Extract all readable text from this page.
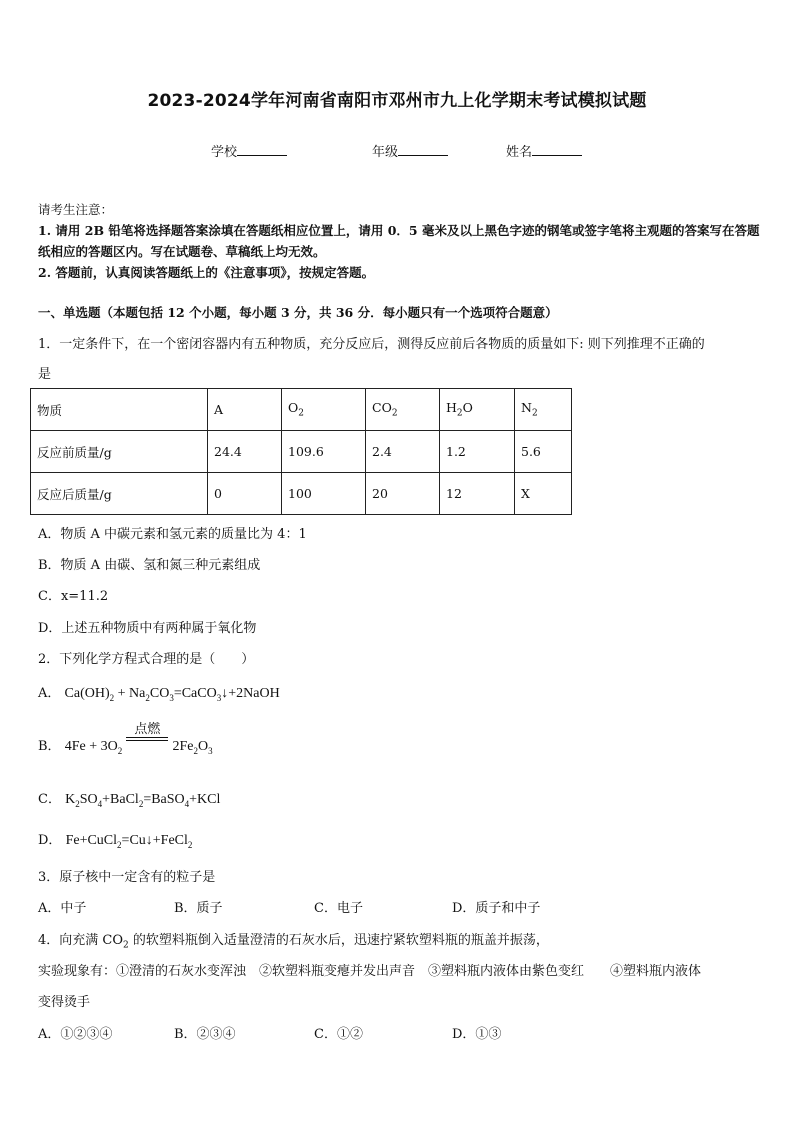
2023-2024学年河南省南阳市邓州市九上化学期末考试模拟试题
学校	年级	姓名
请考生注意：
1. 请用 2B 铅笔将选择题答案涂填在答题纸相应位置上，请用 0．5 毫米及以上黑色字迹的钢笔或签字笔将主观题的答案写在答题纸相应的答题区内。写在试题卷、草稿纸上均无效。
2. 答题前，认真阅读答题纸上的《注意事项》，按规定答题。
一、单选题（本题包括 12 个小题，每小题 3 分，共 36 分．每小题只有一个选项符合题意）
1．一定条件下，在一个密闭容器内有五种物质，充分反应后，测得反应前后各物质的质量如下: 则下列推理不正确的
是
物质	A	$O_2$	$CO_2$	$H_2O$	$N_2$
反应前质量/g	24.4	109.6	2.4	1.2	5.6
反应后质量/g	0	100	20	12	X
A．物质 A 中碳元素和氢元素的质量比为 4：1
B．物质 A 由碳、氢和氮三种元素组成
C．x=11.2
D．上述五种物质中有两种属于氧化物
2．下列化学方程式合理的是（　　）
A． $Ca(OH)_2$ + $Na_2CO_3=CaCO_3↓+2NaOH$
B． $4Fe + 3O_2$
点燃
$2Fe_2O_3$
C． $K_2SO_4+BaCl_2=BaSO_4+KCl$
D． Fe+CuCl$_2$=Cu↓+FeCl$_2$
3．原子核中一定含有的粒子是
A．中子	B．质子	C．电子	D．质子和中子
4．向充满 $CO_2$ 的软塑料瓶倒入适量澄清的石灰水后，迅速拧紧软塑料瓶的瓶盖并振荡，
实验现象有：①澄清的石灰水变浑浊　②软塑料瓶变瘪并发出声音　③塑料瓶内液体由紫色变红　　④塑料瓶内液体
变得烫手
A．①②③④	B．②③④	C．①②	D．①③
